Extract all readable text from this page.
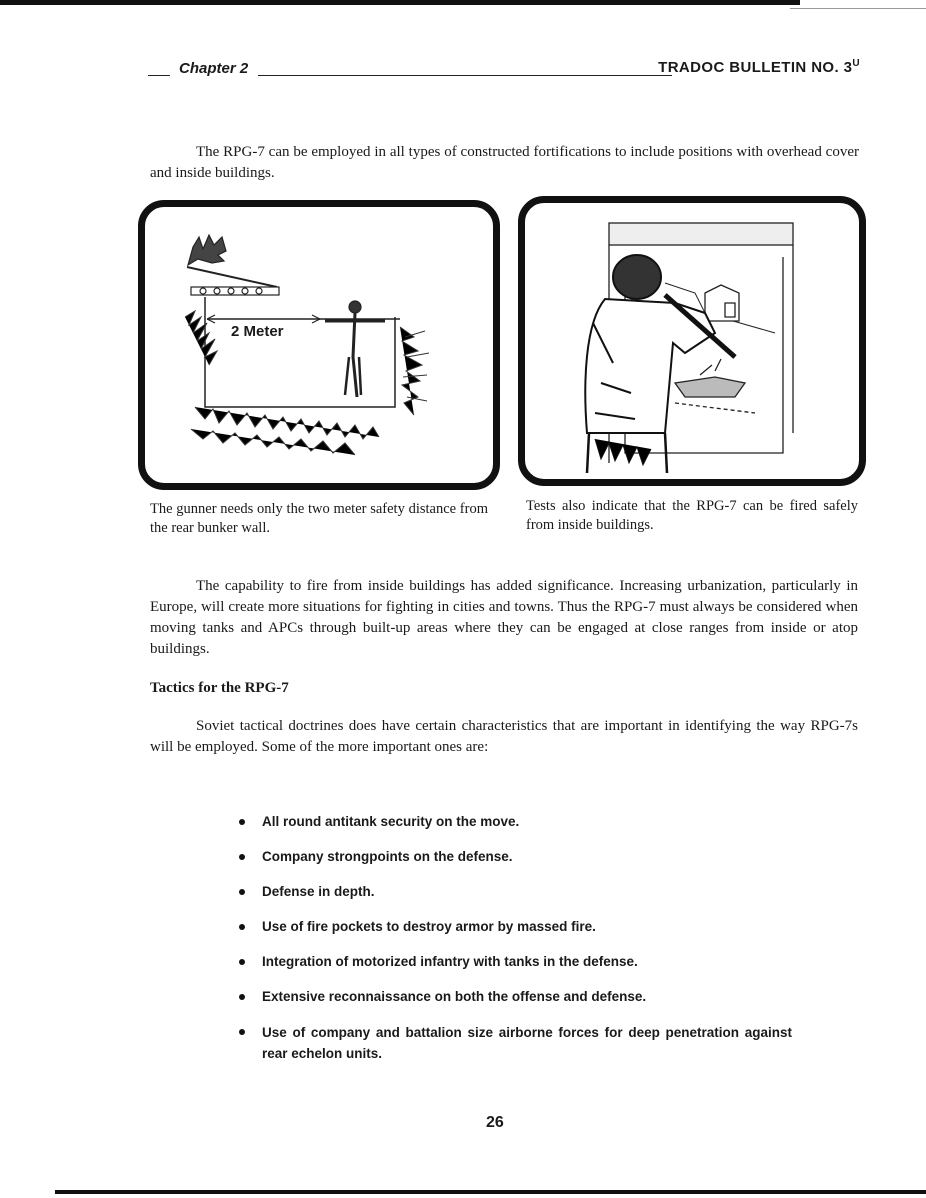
Chapter 2	TRADOC BULLETIN NO. $3^U$
The RPG-7 can be employed in all types of constructed fortifications to include positions with overhead cover and inside buildings.
2 Meter
The gunner needs only the two meter safety distance from the rear bunker wall.
Tests also indicate that the RPG-7 can be fired safely from inside buildings.
The capability to fire from inside buildings has added significance. Increasing urbanization, particularly in Europe, will create more situations for fighting in cities and towns. Thus the RPG-7 must always be considered when moving tanks and APCs through built-up areas where they can be engaged at close ranges from inside or atop buildings.
Tactics for the RPG-7
Soviet tactical doctrines does have certain characteristics that are important in identifying the way RPG-7s will be employed. Some of the more important ones are:
All round antitank security on the move.
Company strongpoints on the defense.
Defense in depth.
Use of fire pockets to destroy armor by massed fire.
Integration of motorized infantry with tanks in the defense.
Extensive reconnaissance on both the offense and defense.
Use of company and battalion size airborne forces for deep penetration against rear echelon units.
26
